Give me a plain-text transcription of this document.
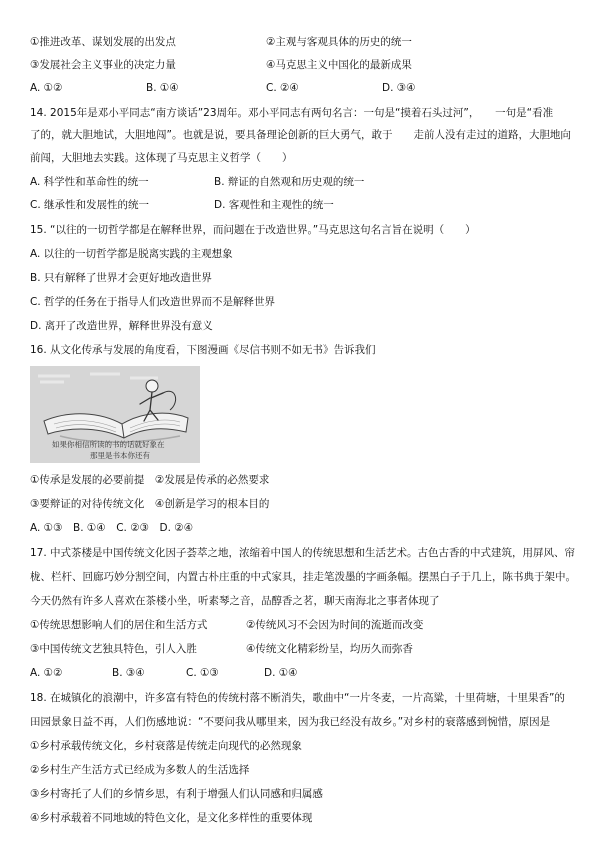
①推进改革、谋划发展的出发点	②主观与客观具体的历史的统一
③发展社会主义事业的决定力量	④马克思主义中国化的最新成果
A. ①②	B. ①④	C. ②④	D. ③④
14. 2015年是邓小平同志“南方谈话”23周年。邓小平同志有两句名言：一句是“摸着石头过河”，　　一句是“看准
了的，就大胆地试，大胆地闯”。也就是说，要具备理论创新的巨大勇气，敢于　　走前人没有走过的道路，大胆地向
前闯，大胆地去实践。这体现了马克思主义哲学（　　）
A. 科学性和革命性的统一	B. 辩证的自然观和历史观的统一
C. 继承性和发展性的统一	D. 客观性和主观性的统一
15. “以往的一切哲学都是在解释世界，而问题在于改造世界。”马克思这句名言旨在说明（　　）
A. 以往的一切哲学都是脱离实践的主观想象
B. 只有解释了世界才会更好地改造世界
C. 哲学的任务在于指导人们改造世界而不是解释世界
D. 离开了改造世界，解释世界没有意义
16. 从文化传承与发展的角度看，下图漫画《尽信书则不如无书》告诉我们
如果你相信所读的书的话就好象在
那里是书本你还有
①传承是发展的必要前提　②发展是传承的必然要求
③要辩证的对待传统文化　④创新是学习的根本目的
A. ①③　B. ①④　C. ②③　D. ②④
17. 中式茶楼是中国传统文化因子荟萃之地，浓缩着中国人的传统思想和生活艺术。古色古香的中式建筑，用屏风、帘
栊、栏杆、回廊巧妙分割空间，内置古朴庄重的中式家具，挂走笔泼墨的字画条幅。摆黑白子于几上，陈书典于架中。
今天仍然有许多人喜欢在茶楼小坐，听素琴之音，品醇香之茗，聊天南海北之事者体现了
①传统思想影响人们的居住和生活方式	②传统风习不会因为时间的流逝而改变
③中国传统文艺独具特色，引人入胜	④传统文化精彩纷呈，均历久而弥香
A. ①②	B. ③④	C. ①③	D. ①④
18. 在城镇化的浪潮中，许多富有特色的传统村落不断消失，歌曲中“一片冬麦，一片高粱，十里荷塘，十里果香”的
田园景象日益不再，人们伤感地说：“不要问我从哪里来，因为我已经没有故乡。”对乡村的衰落感到惋惜，原因是
①乡村承载传统文化，乡村衰落是传统走向现代的必然现象
②乡村生产生活方式已经成为多数人的生活选择
③乡村寄托了人们的乡情乡思，有利于增强人们认同感和归属感
④乡村承载着不同地域的特色文化，是文化多样性的重要体现
